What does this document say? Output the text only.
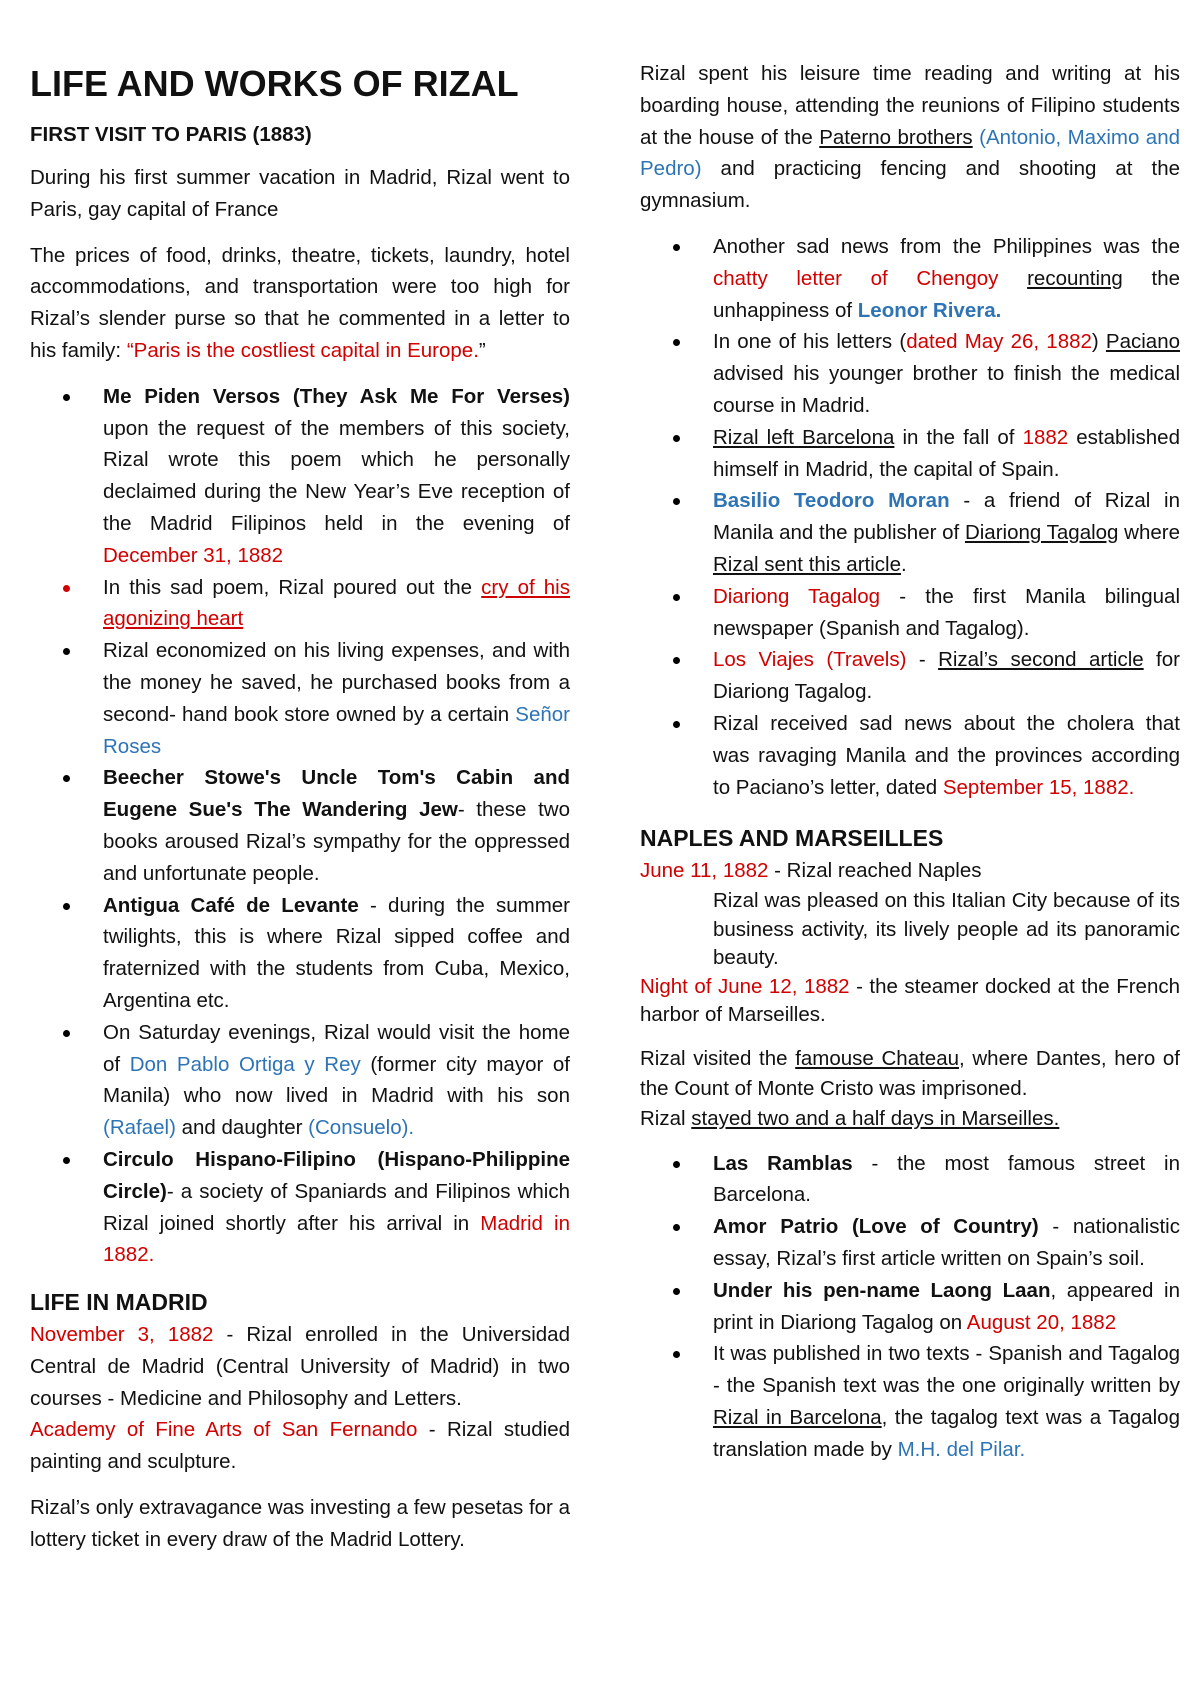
LIFE AND WORKS OF RIZAL
FIRST VISIT TO PARIS (1883)

During his first summer vacation in Madrid, Rizal went to Paris, gay capital of France

The prices of food, drinks, theatre, tickets, laundry, hotel accommodations, and transportation were too high for Rizal’s slender purse so that he commented in a letter to his family: “Paris is the costliest capital in Europe.”

Me Piden Versos (They Ask Me For Verses) upon the request of the members of this society, Rizal wrote this poem which he personally declaimed during the New Year’s Eve reception of the Madrid Filipinos held in the evening of December 31, 1882
In this sad poem, Rizal poured out the cry of his agonizing heart
Rizal economized on his living expenses, and with the money he saved, he purchased books from a second- hand book store owned by a certain Señor Roses
Beecher Stowe's Uncle Tom's Cabin and Eugene Sue's The Wandering Jew- these two books aroused Rizal’s sympathy for the oppressed and unfortunate people.
Antigua Café de Levante - during the summer twilights, this is where Rizal sipped coffee and fraternized with the students from Cuba, Mexico, Argentina etc.
On Saturday evenings, Rizal would visit the home of Don Pablo Ortiga y Rey (former city mayor of Manila) who now lived in Madrid with his son (Rafael) and daughter (Consuelo).
Circulo Hispano-Filipino (Hispano-Philippine Circle)- a society of Spaniards and Filipinos which Rizal joined shortly after his arrival in Madrid in 1882.
LIFE IN MADRID

November 3, 1882 - Rizal enrolled in the Universidad Central de Madrid (Central University of Madrid) in two courses - Medicine and Philosophy and Letters.

Academy of Fine Arts of San Fernando - Rizal studied painting and sculpture.

Rizal’s only extravagance was investing a few pesetas for a lottery ticket in every draw of the Madrid Lottery.

Rizal spent his leisure time reading and writing at his boarding house, attending the reunions of Filipino students at the house of the Paterno brothers (Antonio, Maximo and Pedro) and practicing fencing and shooting at the gymnasium.

Another sad news from the Philippines was the chatty letter of Chengoy recounting the unhappiness of Leonor Rivera.
In one of his letters (dated May 26, 1882) Paciano advised his younger brother to finish the medical course in Madrid.
Rizal left Barcelona in the fall of 1882 established himself in Madrid, the capital of Spain.
Basilio Teodoro Moran - a friend of Rizal in Manila and the publisher of Diariong Tagalog where Rizal sent this article.
Diariong Tagalog - the first Manila bilingual newspaper (Spanish and Tagalog).
Los Viajes (Travels) - Rizal’s second article for Diariong Tagalog.
Rizal received sad news about the cholera that was ravaging Manila and the provinces according to Paciano’s letter, dated September 15, 1882.
NAPLES AND MARSEILLES

June 11, 1882 - Rizal reached Naples

Rizal was pleased on this Italian City because of its business activity, its lively people ad its panoramic beauty.

Night of June 12, 1882 - the steamer docked at the French harbor of Marseilles.

Rizal visited the famouse Chateau, where Dantes, hero of the Count of Monte Cristo was imprisoned.

Rizal stayed two and a half days in Marseilles.

Las Ramblas - the most famous street in Barcelona.
Amor Patrio (Love of Country) - nationalistic essay, Rizal’s first article written on Spain’s soil.
Under his pen-name Laong Laan, appeared in print in Diariong Tagalog on August 20, 1882
It was published in two texts - Spanish and Tagalog - the Spanish text was the one originally written by Rizal in Barcelona, the tagalog text was a Tagalog translation made by M.H. del Pilar.
